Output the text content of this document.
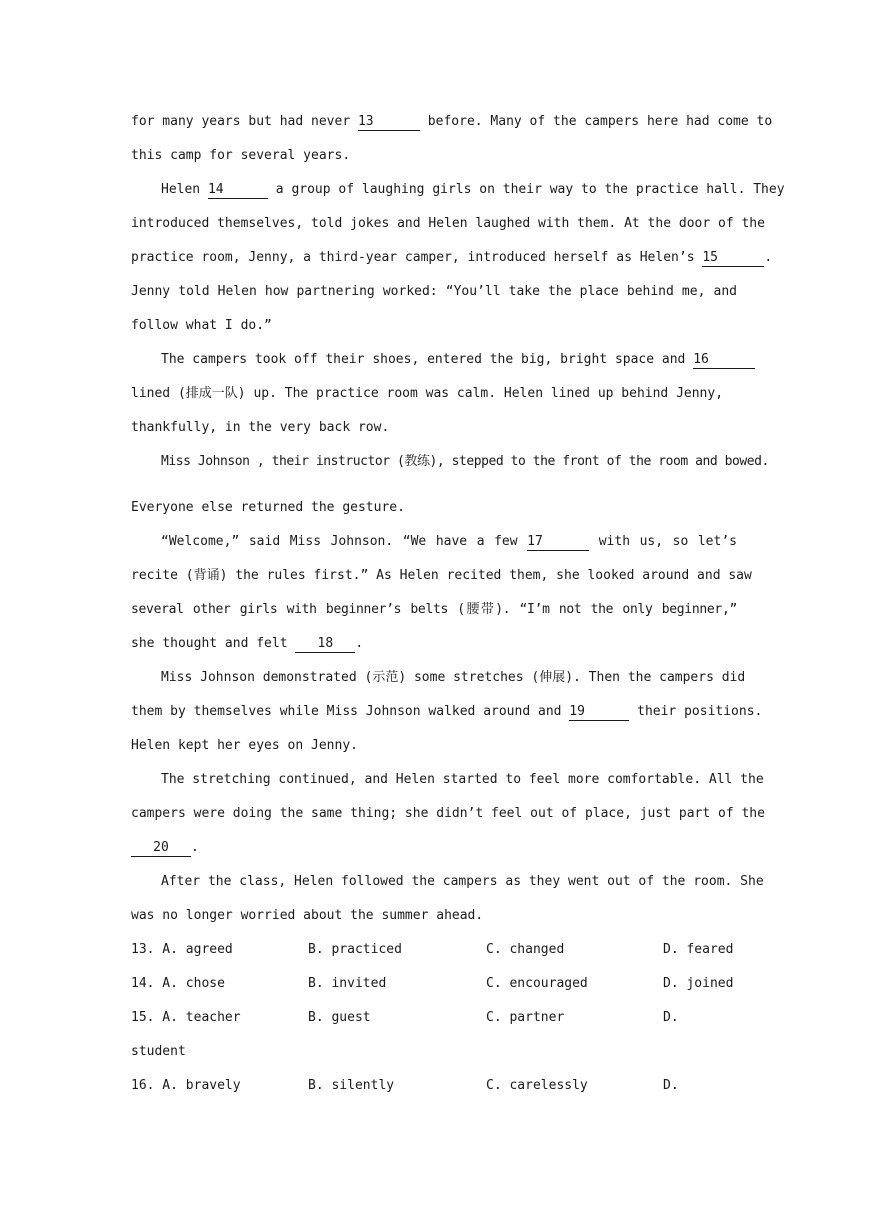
for many years but had never 13	before. Many of the campers here had come to

this camp for several years.

Helen 14	a group of laughing girls on their way to the practice hall. They

introduced themselves, told jokes and Helen laughed with them. At the door of the

practice room, Jenny, a third-year camper, introduced herself as Helen’s 15	.

Jenny told Helen how partnering worked: “You’ll take the place behind me, and

follow what I do.”

The campers took off their shoes, entered the big, bright space and 16

lined (排成一队) up. The practice room was calm. Helen lined up behind Jenny,

thankfully, in the very back row.

Miss Johnson , their instructor (教练), stepped to the front of the room and bowed.

Everyone else returned the gesture.

“Welcome,” said Miss Johnson. “We have a few 17	with us, so let’s

recite (背诵) the rules first.” As Helen recited them, she looked around and saw

several other girls with beginner’s belts (腰带). “I’m not the only beginner,”

she thought and felt 18 .

Miss Johnson demonstrated (示范) some stretches (伸展). Then the campers did

them by themselves while Miss Johnson walked around and 19	their positions.

Helen kept her eyes on Jenny.

The stretching continued, and Helen started to feel more comfortable. All the

campers were doing the same thing; she didn’t feel out of place, just part of the

20 .

After the class, Helen followed the campers as they went out of the room. She

was no longer worried about the summer ahead.

13. A. agreed	B. practiced	C. changed	D. feared
14. A. chose	B. invited	C. encouraged	D. joined
15. A. teacher	B. guest	C. partner	D.

student

16. A. bravely	B. silently	C. carelessly	D.
